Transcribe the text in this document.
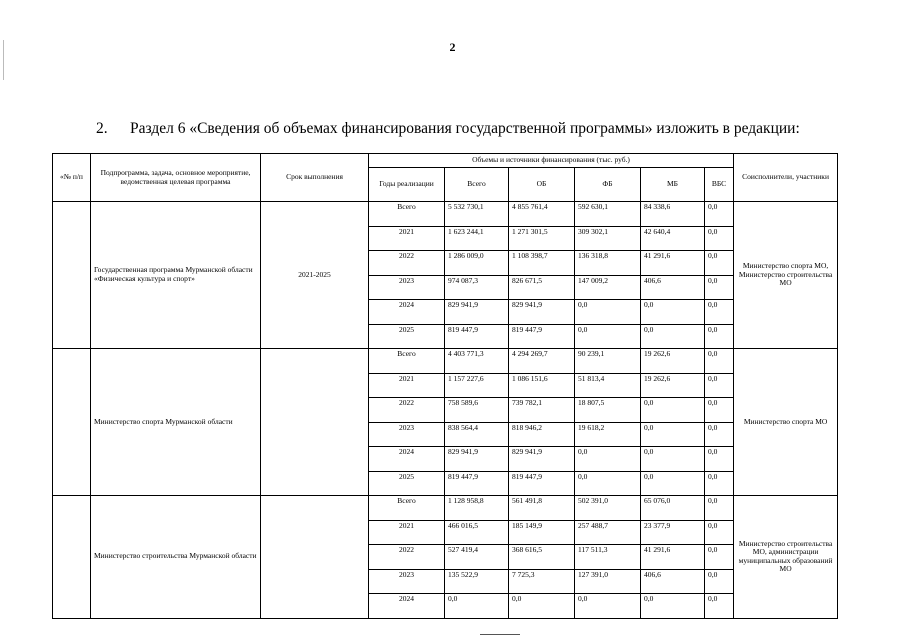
2
2. Раздел 6 «Сведения об объемах финансирования государственной программы» изложить в редакции:
«№ п/п	Подпрограмма, задача, основное мероприятие, ведомственная целевая программа	Срок выполнения	Объемы и источники финансирования (тыс. руб.)						Соисполнители, участники
			Годы реализации	Всего	ОБ	ФБ	МБ	ВБС	
	Государственная программа Мурманской области «Физическая культура и спорт»	2021-2025	Всего	5 532 730,1	4 855 761,4	592 630,1	84 338,6	0,0	Министерство спорта МО, Министерство строительства МО
			2021	1 623 244,1	1 271 301,5	309 302,1	42 640,4	0,0	
			2022	1 286 009,0	1 108 398,7	136 318,8	41 291,6	0,0	
			2023	974 087,3	826 671,5	147 009,2	406,6	0,0	
			2024	829 941,9	829 941,9	0,0	0,0	0,0	
			2025	819 447,9	819 447,9	0,0	0,0	0,0	
	Министерство спорта Мурманской области		Всего	4 403 771,3	4 294 269,7	90 239,1	19 262,6	0,0	Министерство спорта МО
			2021	1 157 227,6	1 086 151,6	51 813,4	19 262,6	0,0	
			2022	758 589,6	739 782,1	18 807,5	0,0	0,0	
			2023	838 564,4	818 946,2	19 618,2	0,0	0,0	
			2024	829 941,9	829 941,9	0,0	0,0	0,0	
			2025	819 447,9	819 447,9	0,0	0,0	0,0	
	Министерство строительства Мурманской области		Всего	1 128 958,8	561 491,8	502 391,0	65 076,0	0,0	Министерство строительства МО, администрации муниципальных образований МО
			2021	466 016,5	185 149,9	257 488,7	23 377,9	0,0	
			2022	527 419,4	368 616,5	117 511,3	41 291,6	0,0	
			2023	135 522,9	7 725,3	127 391,0	406,6	0,0	
			2024	0,0	0,0	0,0	0,0	0,0	
